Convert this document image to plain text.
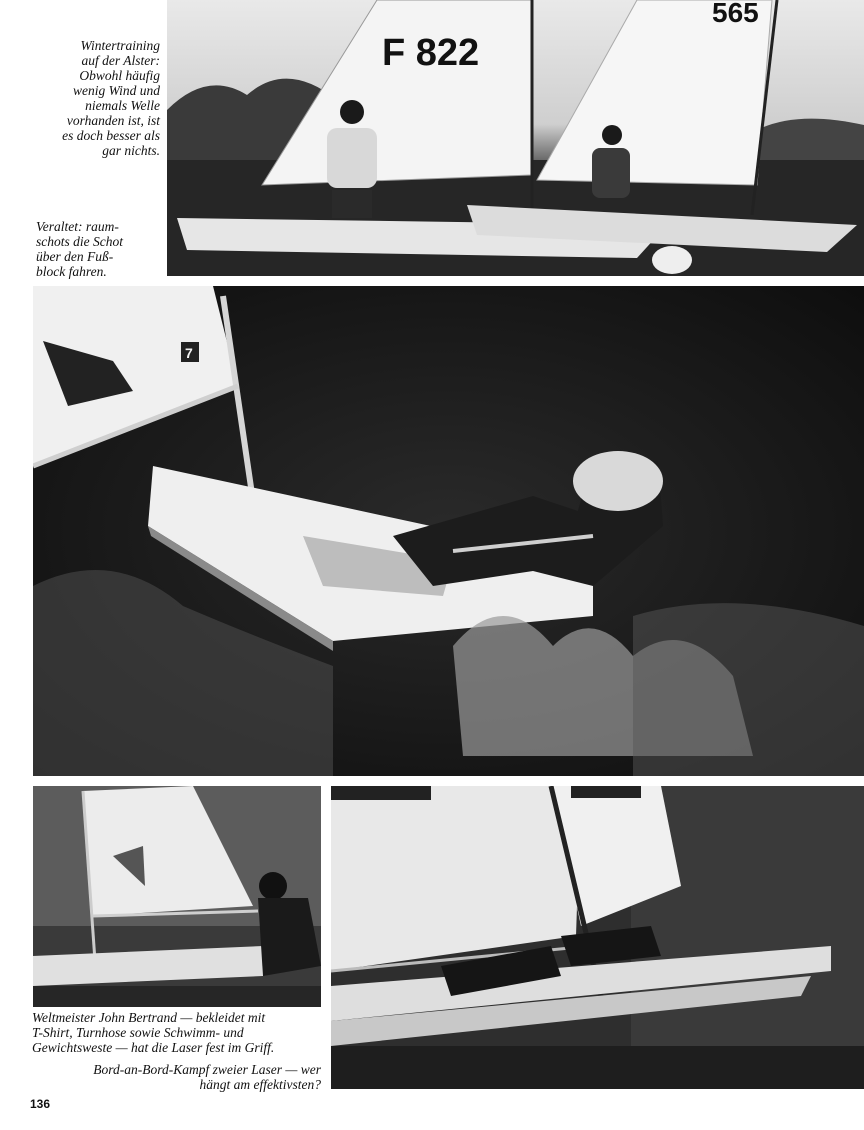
Wintertraining
auf der Alster:
Obwohl häufig
wenig Wind und
niemals Welle
vorhanden ist, ist
es doch besser als
gar nichts.
Veraltet: raum-
schots die Schot
über den Fuß-
block fahren.
F 822
565
7
Weltmeister John Bertrand — bekleidet mit
T-Shirt, Turnhose sowie Schwimm- und
Gewichtsweste — hat die Laser fest im Griff.
Bord-an-Bord-Kampf zweier Laser — wer
hängt am effektivsten?
136
